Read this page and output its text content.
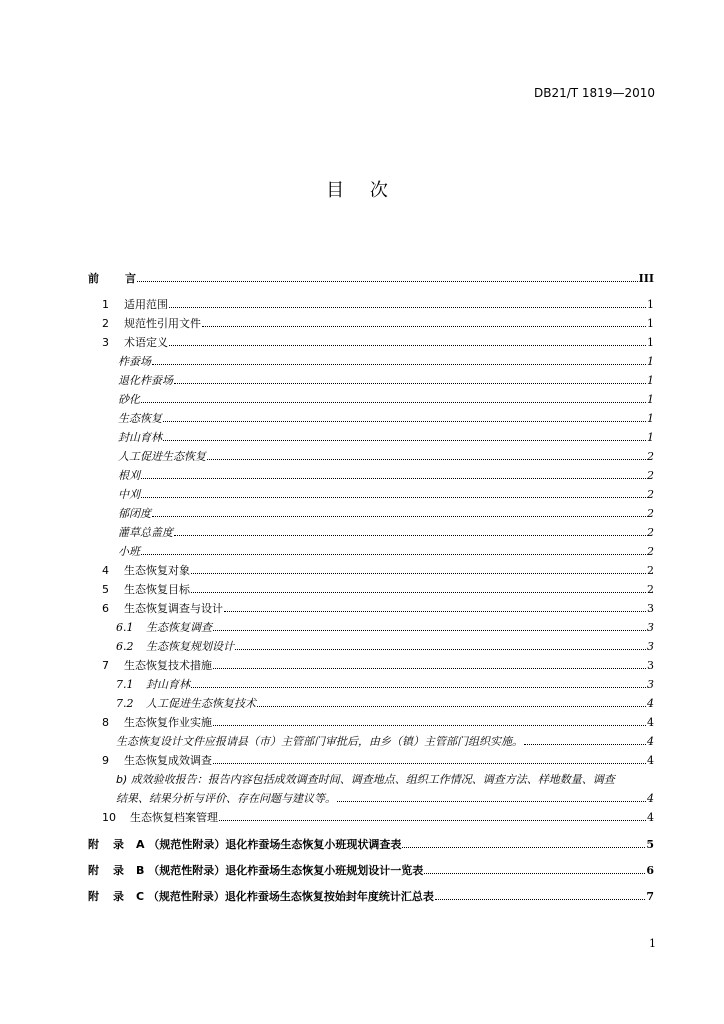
DB21/T 1819—2010
目 次
前 言	III
1	适用范围	1
2	规范性引用文件	1
3	术语定义	1
柞蚕场	1
退化柞蚕场	1
砂化	1
生态恢复	1
封山育林	1
人工促进生态恢复	2
根刈	2
中刈	2
郁闭度	2
灌草总盖度	2
小班	2
4	生态恢复对象	2
5	生态恢复目标	2
6	生态恢复调查与设计	3
6.1	生态恢复调查	3
6.2	生态恢复规划设计	3
7	生态恢复技术措施	3
7.1	封山育林	3
7.2	人工促进生态恢复技术	4
8	生态恢复作业实施	4
生态恢复设计文件应报请县（市）主管部门审批后，由乡（镇）主管部门组织实施。	4
9	生态恢复成效调查	4
b) 成效验收报告：报告内容包括成效调查时间、调查地点、组织工作情况、调查方法、样地数量、调查
结果、结果分析与评价、存在问题与建议等。	4
10	生态恢复档案管理	4
附 录 A （规范性附录）退化柞蚕场生态恢复小班现状调查表	5
附 录 B （规范性附录）退化柞蚕场生态恢复小班规划设计一览表	6
附 录 C （规范性附录）退化柞蚕场生态恢复按始封年度统计汇总表	7
1
